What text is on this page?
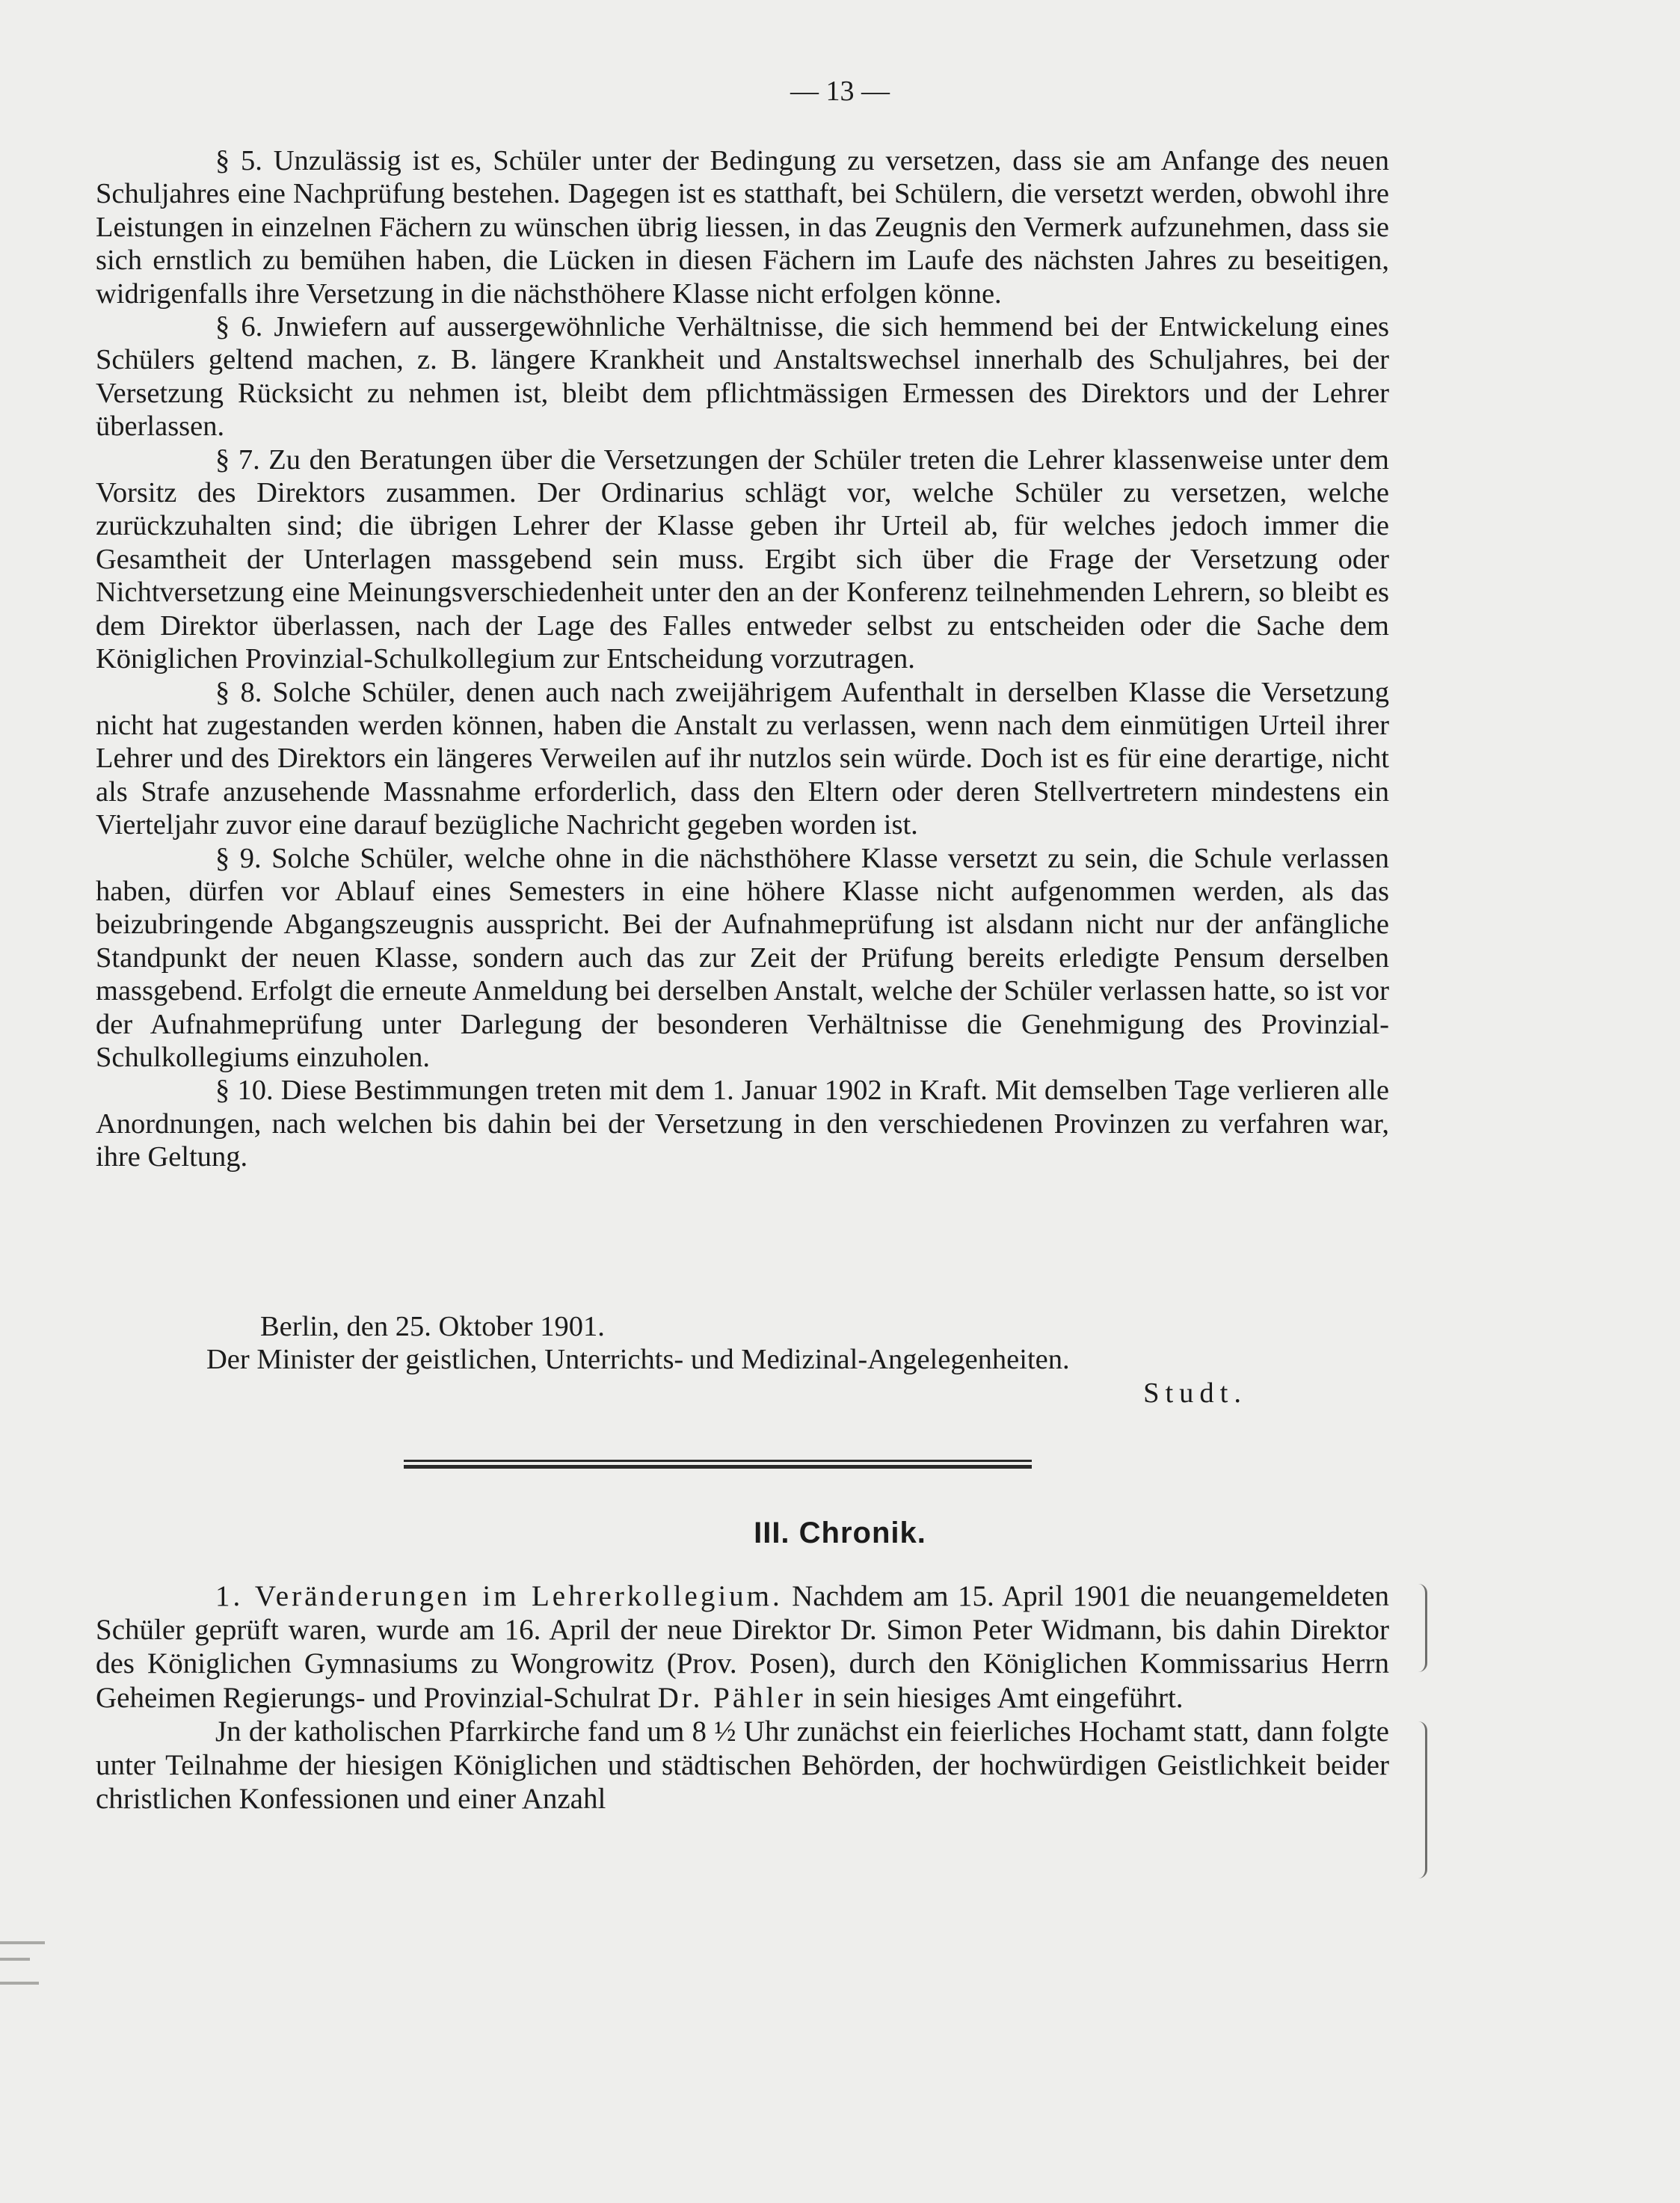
— 13 —

§ 5. Unzulässig ist es, Schüler unter der Bedingung zu versetzen, dass sie am Anfange des neuen Schuljahres eine Nachprüfung bestehen. Dagegen ist es statthaft, bei Schülern, die versetzt werden, obwohl ihre Leistungen in einzelnen Fächern zu wünschen übrig liessen, in das Zeugnis den Vermerk aufzunehmen, dass sie sich ernstlich zu bemühen haben, die Lücken in diesen Fächern im Laufe des nächsten Jahres zu beseitigen, widrigenfalls ihre Versetzung in die nächsthöhere Klasse nicht erfolgen könne.

§ 6. Jnwiefern auf aussergewöhnliche Verhältnisse, die sich hemmend bei der Entwickelung eines Schülers geltend machen, z. B. längere Krankheit und Anstaltswechsel innerhalb des Schuljahres, bei der Versetzung Rücksicht zu nehmen ist, bleibt dem pflichtmässigen Ermessen des Direktors und der Lehrer überlassen.

§ 7. Zu den Beratungen über die Versetzungen der Schüler treten die Lehrer klassenweise unter dem Vorsitz des Direktors zusammen. Der Ordinarius schlägt vor, welche Schüler zu versetzen, welche zurückzuhalten sind; die übrigen Lehrer der Klasse geben ihr Urteil ab, für welches jedoch immer die Gesamtheit der Unterlagen massgebend sein muss. Ergibt sich über die Frage der Versetzung oder Nichtversetzung eine Meinungsverschiedenheit unter den an der Konferenz teilnehmenden Lehrern, so bleibt es dem Direktor überlassen, nach der Lage des Falles entweder selbst zu entscheiden oder die Sache dem Königlichen Provinzial-Schulkollegium zur Entscheidung vorzutragen.

§ 8. Solche Schüler, denen auch nach zweijährigem Aufenthalt in derselben Klasse die Versetzung nicht hat zugestanden werden können, haben die Anstalt zu verlassen, wenn nach dem einmütigen Urteil ihrer Lehrer und des Direktors ein längeres Verweilen auf ihr nutzlos sein würde. Doch ist es für eine derartige, nicht als Strafe anzusehende Massnahme erforderlich, dass den Eltern oder deren Stellvertretern mindestens ein Vierteljahr zuvor eine darauf bezügliche Nachricht gegeben worden ist.

§ 9. Solche Schüler, welche ohne in die nächsthöhere Klasse versetzt zu sein, die Schule verlassen haben, dürfen vor Ablauf eines Semesters in eine höhere Klasse nicht aufgenommen werden, als das beizubringende Abgangszeugnis ausspricht. Bei der Aufnahmeprüfung ist alsdann nicht nur der anfängliche Standpunkt der neuen Klasse, sondern auch das zur Zeit der Prüfung bereits erledigte Pensum derselben massgebend. Erfolgt die erneute Anmeldung bei derselben Anstalt, welche der Schüler verlassen hatte, so ist vor der Aufnahmeprüfung unter Darlegung der besonderen Verhältnisse die Genehmigung des Provinzial-Schulkollegiums einzuholen.

§ 10. Diese Bestimmungen treten mit dem 1. Januar 1902 in Kraft. Mit demselben Tage verlieren alle Anordnungen, nach welchen bis dahin bei der Versetzung in den verschiedenen Provinzen zu verfahren war, ihre Geltung.

Berlin, den 25. Oktober 1901.
Der Minister der geistlichen, Unterrichts- und Medizinal-Angelegenheiten.
Studt.
III. Chronik.

1. Veränderungen im Lehrerkollegium. Nachdem am 15. April 1901 die neuangemeldeten Schüler geprüft waren, wurde am 16. April der neue Direktor Dr. Simon Peter Widmann, bis dahin Direktor des Königlichen Gymnasiums zu Wongrowitz (Prov. Posen), durch den Königlichen Kommissarius Herrn Geheimen Regierungs- und Provinzial-Schulrat Dr. Pähler in sein hiesiges Amt eingeführt.

Jn der katholischen Pfarrkirche fand um 8 ½ Uhr zunächst ein feierliches Hochamt statt, dann folgte unter Teilnahme der hiesigen Königlichen und städtischen Behörden, der hochwürdigen Geistlichkeit beider christlichen Konfessionen und einer Anzahl
